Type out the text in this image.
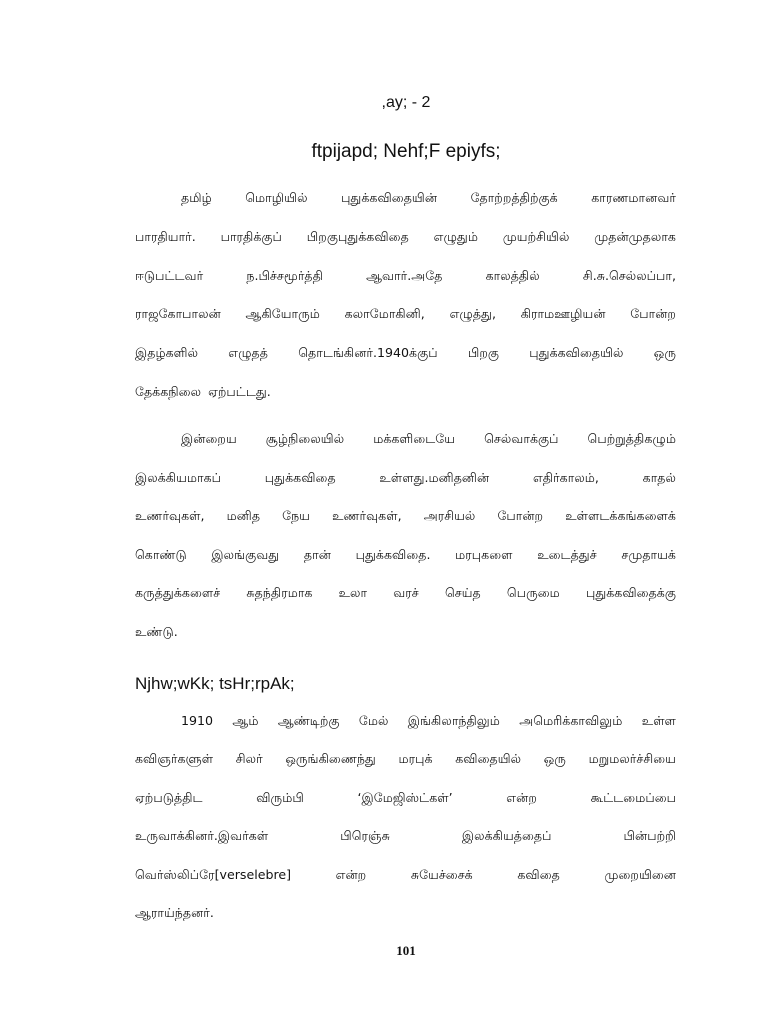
,ay; - 2
ftpijapd; Nehf;F epiyfs;
தமிழ்	மொழியில்	புதுக்கவிதையின்	தோற்றத்திற்குக்	காரணமானவர்
பாரதியார். பாரதிக்குப் பிறகுபுதுக்கவிதை எழுதும் முயற்சியில் முதன்முதலாக
ஈடுபட்டவர்	ந.பிச்சமூர்த்தி	ஆவார்.அதே	காலத்தில்	சி.சு.செல்லப்பா,
ராஜகோபாலன் ஆகியோரும் கலாமோகினி, எழுத்து, கிராமஊழியன் போன்ற
இதழ்களில் எழுதத் தொடங்கினர்.1940க்குப் பிறகு புதுக்கவிதையில் ஒரு
தேக்கநிலை ஏற்பட்டது.
இன்றைய சூழ்நிலையில் மக்களிடையே செல்வாக்குப் பெற்றுத்திகழும்
இலக்கியமாகப்	புதுக்கவிதை	உள்ளது.மனிதனின்	எதிர்காலம்,	காதல்
உணர்வுகள், மனித நேய உணர்வுகள், அரசியல் போன்ற உள்ளடக்கங்களைக்
கொண்டு இலங்குவது தான் புதுக்கவிதை. மரபுகளை உடைத்துச் சமுதாயக்
கருத்துக்களைச் சுதந்திரமாக உலா வரச் செய்த பெருமை புதுக்கவிதைக்கு
உண்டு.
Njhw;wKk; tsHr;rpAk;
1910 ஆம் ஆண்டிற்கு மேல் இங்கிலாந்திலும் அமெரிக்காவிலும் உள்ள
கவிஞர்களுள் சிலர் ஒருங்கிணைந்து மரபுக் கவிதையில் ஒரு மறுமலர்ச்சியை
ஏற்படுத்திட	விரும்பி	‘இமேஜிஸ்ட்கள்’	என்ற	கூட்டமைப்பை
உருவாக்கினர்.இவர்கள்	பிரெஞ்சு	இலக்கியத்தைப்	பின்பற்றி
வெர்ஸ்லிப்ரே[verselebre]	என்ற	சுயேச்சைக்	கவிதை	முறையினை
ஆராய்ந்தனர்.
101
